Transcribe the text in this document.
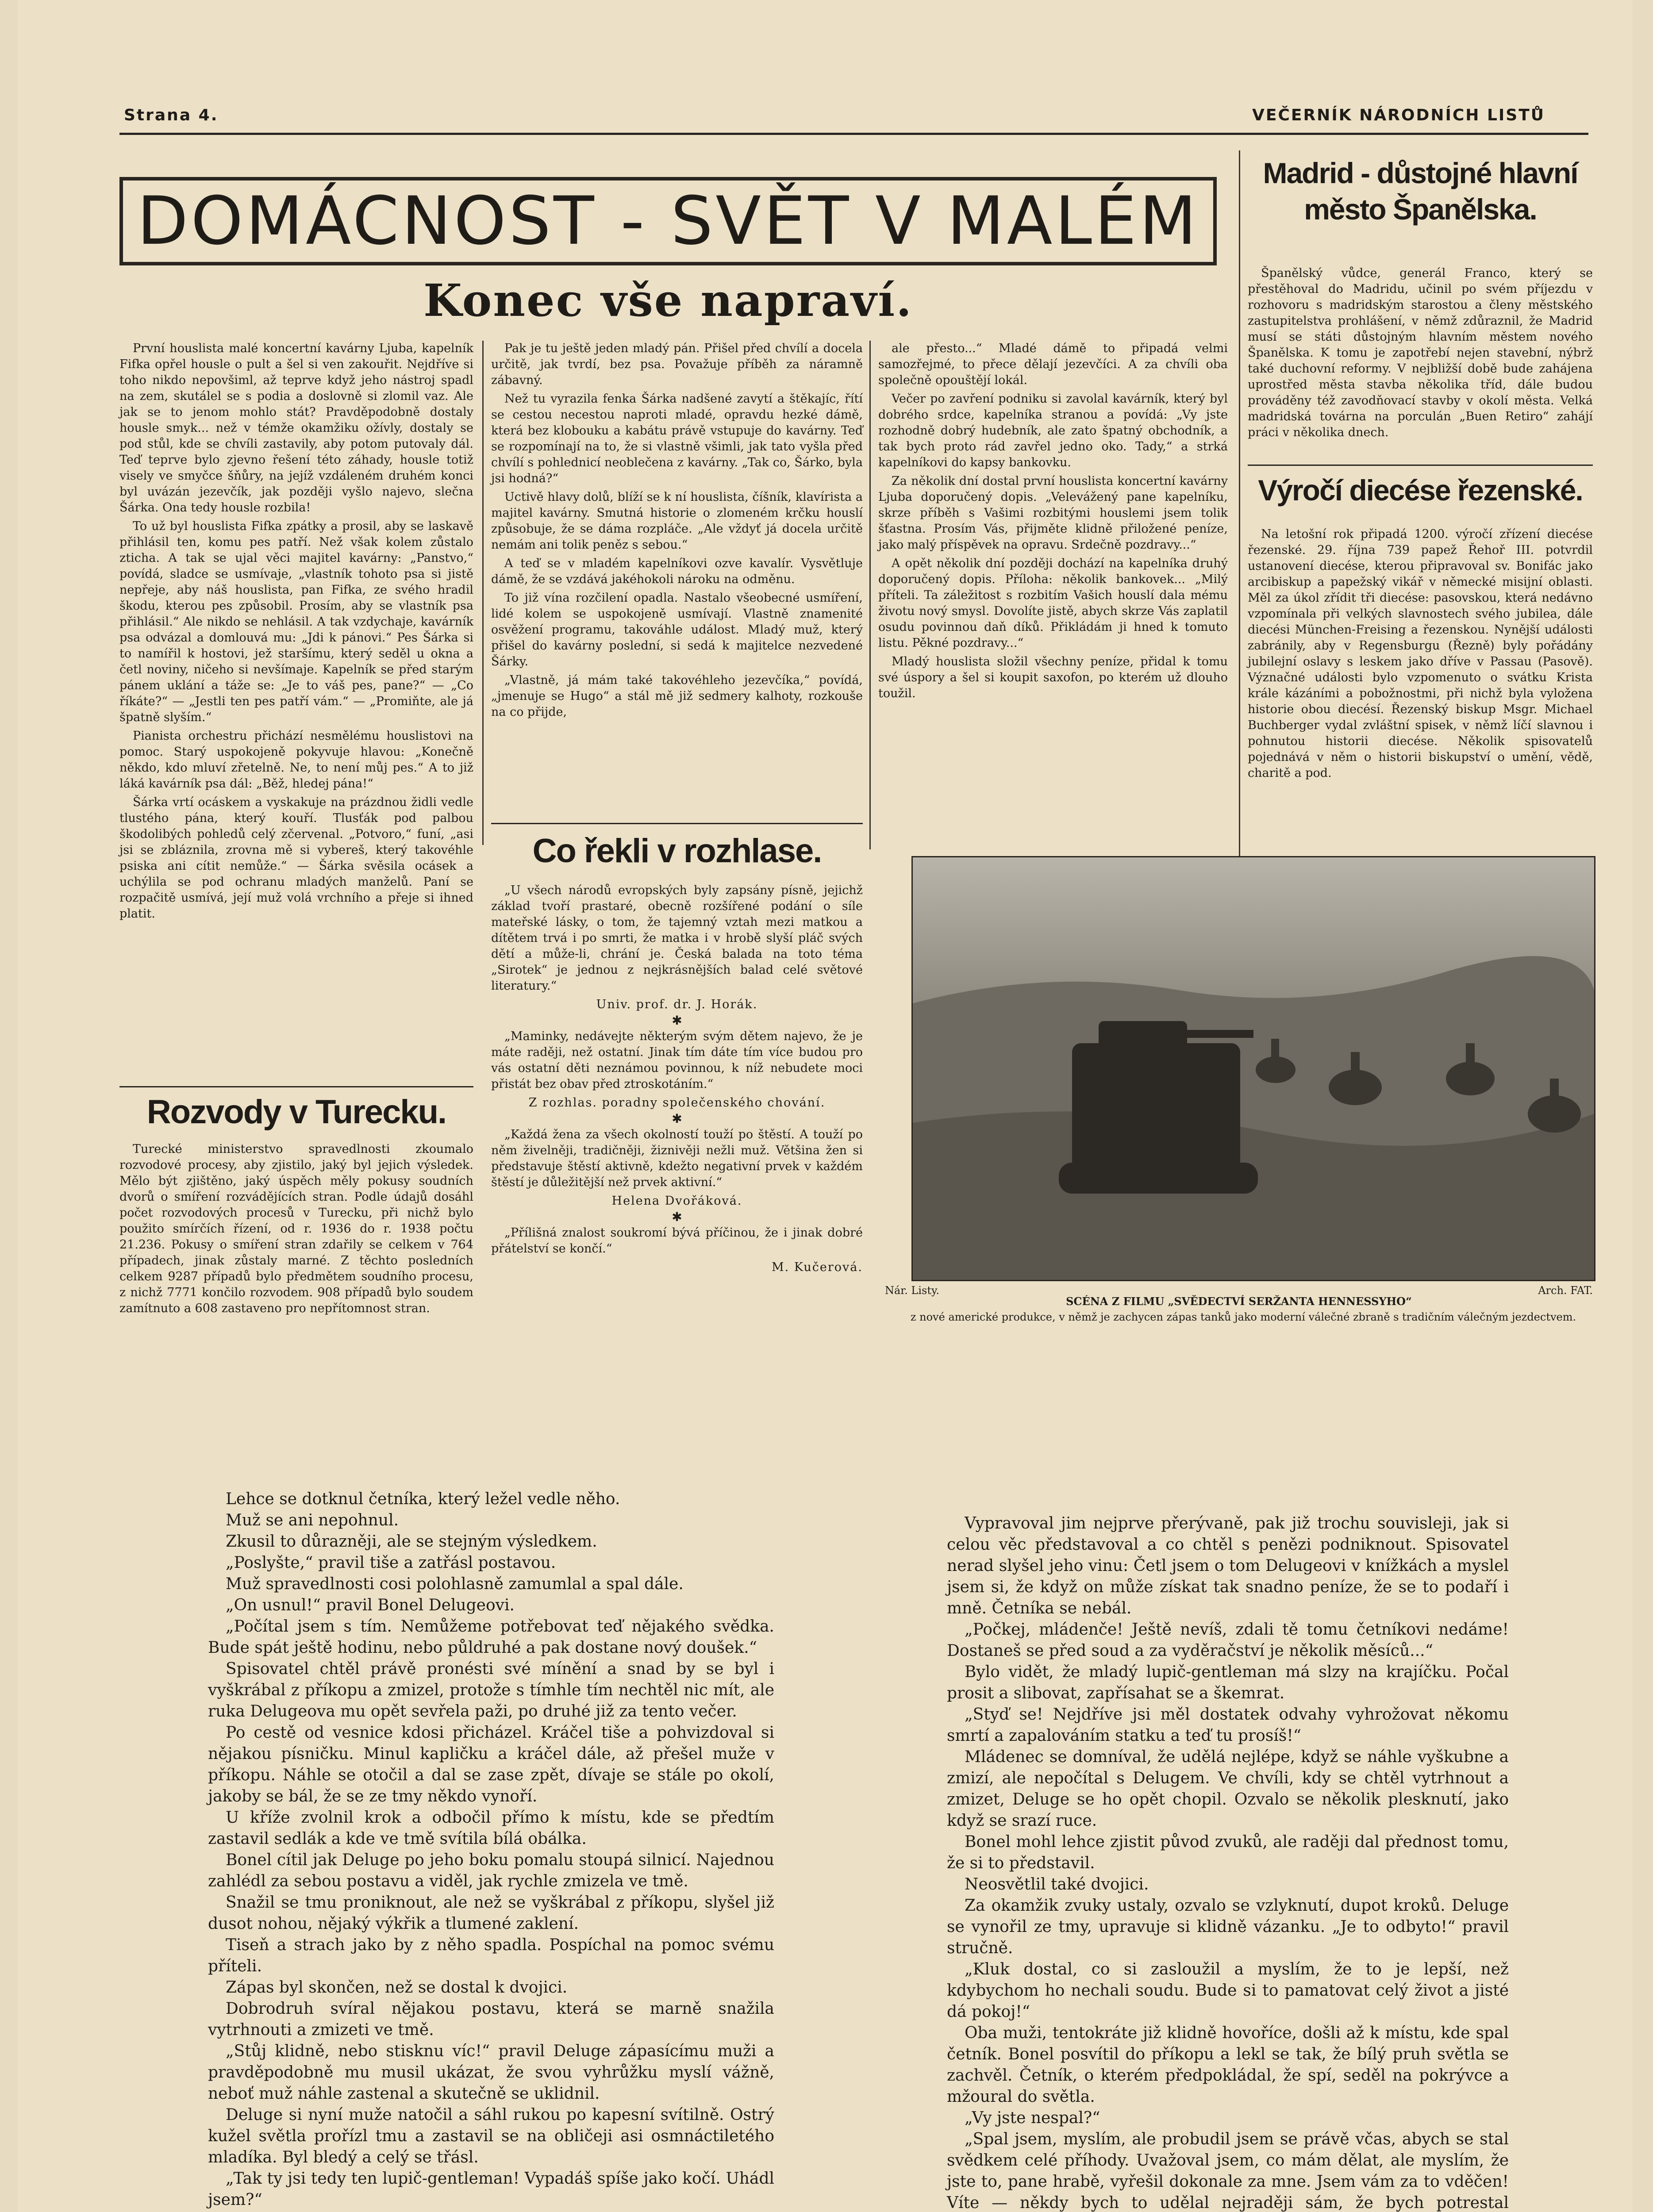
Strana 4.	VEČERNÍK NÁRODNÍCH LISTŮ
DOMÁCNOST - SVĚT V MALÉM
Konec vše napraví.

První houslista malé koncertní kavárny Ljuba, kapelník Fifka opřel housle o pult a šel si ven zakouřit. Nejdříve si toho nikdo nepovšiml, až teprve když jeho nástroj spadl na zem, skutálel se s podia a doslovně si zlomil vaz. Ale jak se to jenom mohlo stát? Pravděpodobně dostaly housle smyk... než v témže okamžiku ožívly, dostaly se pod stůl, kde se chvíli zastavily, aby potom putovaly dál. Teď teprve bylo zjevno řešení této záhady, housle totiž visely ve smyčce šňůry, na jejíž vzdáleném druhém konci byl uvázán jezevčík, jak později vyšlo najevo, slečna Šárka. Ona tedy housle rozbila!

To už byl houslista Fifka zpátky a prosil, aby se laskavě přihlásil ten, komu pes patří. Než však kolem zůstalo zticha. A tak se ujal věci majitel kavárny: „Panstvo,“ povídá, sladce se usmívaje, „vlastník tohoto psa si jistě nepřeje, aby náš houslista, pan Fifka, ze svého hradil škodu, kterou pes způsobil. Prosím, aby se vlastník psa přihlásil.“ Ale nikdo se nehlásil. A tak vzdychaje, kavárník psa odvázal a domlouvá mu: „Jdi k pánovi.“ Pes Šárka si to namířil k hostovi, jež staršímu, který seděl u okna a četl noviny, ničeho si nevšímaje. Kapelník se před starým pánem uklání a táže se: „Je to váš pes, pane?“ — „Co říkáte?“ — „Jestli ten pes patří vám.“ — „Promiňte, ale já špatně slyším.“

Pianista orchestru přichází nesmělému houslistovi na pomoc. Starý uspokojeně pokyvuje hlavou: „Konečně někdo, kdo mluví zřetelně. Ne, to není můj pes.“ A to již láká kavárník psa dál: „Běž, hledej pána!“

Šárka vrtí ocáskem a vyskakuje na prázdnou židli vedle tlustého pána, který kouří. Tlusťák pod palbou škodolibých pohledů celý zčervenal. „Potvoro,“ funí, „asi jsi se zbláznila, zrovna mě si vybereš, který takovéhle psiska ani cítit nemůže.“ — Šárka svěsila ocásek a uchýlila se pod ochranu mladých manželů. Paní se rozpačitě usmívá, její muž volá vrchního a přeje si ihned platit.

Pak je tu ještě jeden mladý pán. Přišel před chvílí a docela určitě, jak tvrdí, bez psa. Považuje příběh za náramně zábavný.

Než tu vyrazila fenka Šárka nadšené zavytí a štěkajíc, řítí se cestou necestou naproti mladé, opravdu hezké dámě, která bez klobouku a kabátu právě vstupuje do kavárny. Teď se rozpomínají na to, že si vlastně všimli, jak tato vyšla před chvílí s pohlednicí neoblečena z kavárny. „Tak co, Šárko, byla jsi hodná?“

Uctivě hlavy dolů, blíží se k ní houslista, číšník, klavírista a majitel kavárny. Smutná historie o zlomeném krčku houslí způsobuje, že se dáma rozpláče. „Ale vždyť já docela určitě nemám ani tolik peněz s sebou.“

A teď se v mladém kapelníkovi ozve kavalír. Vysvětluje dámě, že se vzdává jakéhokoli nároku na odměnu.

To již vína rozčilení opadla. Nastalo všeobecné usmíření, lidé kolem se uspokojeně usmívají. Vlastně znamenité osvěžení programu, takováhle událost. Mladý muž, který přišel do kavárny poslední, si sedá k majitelce nezvedené Šárky.

„Vlastně, já mám také takovéhleho jezevčíka,“ povídá, „jmenuje se Hugo“ a stál mě již sedmery kalhoty, rozkouše na co přijde,

ale přesto...“ Mladé dámě to připadá velmi samozřejmé, to přece dělají jezevčíci. A za chvíli oba společně opouštějí lokál.

Večer po zavření podniku si zavolal kavárník, který byl dobrého srdce, kapelníka stranou a povídá: „Vy jste rozhodně dobrý hudebník, ale zato špatný obchodník, a tak bych proto rád zavřel jedno oko. Tady,“ a strká kapelníkovi do kapsy bankovku.

Za několik dní dostal první houslista koncertní kavárny Ljuba doporučený dopis. „Velevážený pane kapelníku, skrze příběh s Vašimi rozbitými houslemi jsem tolik šťastna. Prosím Vás, přijměte klidně přiložené peníze, jako malý příspěvek na opravu. Srdečně pozdravy...“

A opět několik dní později dochází na kapelníka druhý doporučený dopis. Příloha: několik bankovek... „Milý příteli. Ta záležitost s rozbitím Vašich houslí dala mému životu nový smysl. Dovolíte jistě, abych skrze Vás zaplatil osudu povinnou daň díků. Přikládám ji hned k tomuto listu. Pěkné pozdravy...“

Mladý houslista složil všechny peníze, přidal k tomu své úspory a šel si koupit saxofon, po kterém už dlouho toužil.

Rozvody v Turecku.

Turecké ministerstvo spravedlnosti zkoumalo rozvodové procesy, aby zjistilo, jaký byl jejich výsledek. Mělo být zjištěno, jaký úspěch měly pokusy soudních dvorů o smíření rozvádějících stran. Podle údajů dosáhl počet rozvodových procesů v Turecku, při nichž bylo použito smírčích řízení, od r. 1936 do r. 1938 počtu 21.236. Pokusy o smíření stran zdařily se celkem v 764 případech, jinak zůstaly marné. Z těchto posledních celkem 9287 případů bylo předmětem soudního procesu, z nichž 7771 končilo rozvodem. 908 případů bylo soudem zamítnuto a 608 zastaveno pro nepřítomnost stran.

Co řekli v rozhlase.

„U všech národů evropských byly zapsány písně, jejichž základ tvoří prastaré, obecně rozšířené podání o síle mateřské lásky, o tom, že tajemný vztah mezi matkou a dítětem trvá i po smrti, že matka i v hrobě slyší pláč svých dětí a může-li, chrání je. Česká balada na toto téma „Sirotek“ je jednou z nejkrásnějších balad celé světové literatury.“

Univ. prof. dr. J. Horák.
✱

„Maminky, nedávejte některým svým dětem najevo, že je máte raději, než ostatní. Jinak tím dáte tím více budou pro vás ostatní děti neznámou povinnou, k níž nebudete moci přistát bez obav před ztroskotáním.“

Z rozhlas. poradny společenského chování.
✱

„Každá žena za všech okolností touží po štěstí. A touží po něm živelněji, tradičněji, žiznivěji nežli muž. Většina žen si představuje štěstí aktivně, kdežto negativní prvek v každém štěstí je důležitější než prvek aktivní.“

Helena Dvořáková.
✱

„Přílišná znalost soukromí bývá příčinou, že i jinak dobré přátelství se končí.“

M. Kučerová.
Madrid - důstojné hlavní
město Španělska.

Španělský vůdce, generál Franco, který se přestěhoval do Madridu, učinil po svém příjezdu v rozhovoru s madridským starostou a členy městského zastupitelstva prohlášení, v němž zdůraznil, že Madrid musí se státi důstojným hlavním městem nového Španělska. K tomu je zapotřebí nejen stavební, nýbrž také duchovní reformy. V nejbližší době bude zahájena uprostřed města stavba několika tříd, dále budou prováděny též zavodňovací stavby v okolí města. Velká madridská továrna na porculán „Buen Retiro“ zahájí práci v několika dnech.

Výročí diecése řezenské.

Na letošní rok připadá 1200. výročí zřízení diecése řezenské. 29. října 739 papež Řehoř III. potvrdil ustanovení diecése, kterou připravoval sv. Bonifác jako arcibiskup a papežský vikář v německé misijní oblasti. Měl za úkol zřídit tři diecése: pasovskou, která nedávno vzpomínala při velkých slavnostech svého jubilea, dále diecési München-Freising a řezenskou. Nynější události zabránily, aby v Regensburgu (Řezně) byly pořádány jubilejní oslavy s leskem jako dříve v Passau (Pasově). Význačné události bylo vzpomenuto o svátku Krista krále kázáními a pobožnostmi, při nichž byla vyložena historie obou diecésí. Řezenský biskup Msgr. Michael Buchberger vydal zvláštní spisek, v němž líčí slavnou i pohnutou historii diecése. Několik spisovatelů pojednává v něm o historii biskupství o umění, vědě, charitě a pod.

Nár. Listy.	Arch. FAT.
SCÉNA Z FILMU „SVĚDECTVÍ SERŽANTA HENNESSYHO“
z nové americké produkce, v němž je zachycen zápas tanků jako moderní válečné zbraně s tradičním válečným jezdectvem.

Lehce se dotknul četníka, který ležel vedle něho.

Muž se ani nepohnul.

Zkusil to důrazněji, ale se stejným výsledkem.

„Poslyšte,“ pravil tiše a zatřásl postavou.

Muž spravedlnosti cosi polohlasně zamumlal a spal dále.

„On usnul!“ pravil Bonel Delugeovi.

„Počítal jsem s tím. Nemůžeme potřebovat teď nějakého svědka. Bude spát ještě hodinu, nebo půldruhé a pak dostane nový doušek.“

Spisovatel chtěl právě pronésti své mínění a snad by se byl i vyškrábal z příkopu a zmizel, protože s tímhle tím nechtěl nic mít, ale ruka Delugeova mu opět sevřela paži, po druhé již za tento večer.

Po cestě od vesnice kdosi přicházel. Kráčel tiše a pohvizdoval si nějakou písničku. Minul kapličku a kráčel dále, až přešel muže v příkopu. Náhle se otočil a dal se zase zpět, dívaje se stále po okolí, jakoby se bál, že se ze tmy někdo vynoří.

U kříže zvolnil krok a odbočil přímo k místu, kde se předtím zastavil sedlák a kde ve tmě svítila bílá obálka.

Bonel cítil jak Deluge po jeho boku pomalu stoupá silnicí. Najednou zahlédl za sebou postavu a viděl, jak rychle zmizela ve tmě.

Snažil se tmu proniknout, ale než se vyškrábal z příkopu, slyšel již dusot nohou, nějaký výkřik a tlumené zaklení.

Tiseň a strach jako by z něho spadla. Pospíchal na pomoc svému příteli.

Zápas byl skončen, než se dostal k dvojici.

Dobrodruh svíral nějakou postavu, která se marně snažila vytrhnouti a zmizeti ve tmě.

„Stůj klidně, nebo stisknu víc!“ pravil Deluge zápasícímu muži a pravděpodobně mu musil ukázat, že svou vyhrůžku myslí vážně, neboť muž náhle zastenal a skutečně se uklidnil.

Deluge si nyní muže natočil a sáhl rukou po kapesní svítilně. Ostrý kužel světla prořízl tmu a zastavil se na obličeji asi osmnáctiletého mladíka. Byl bledý a celý se třásl.

„Tak ty jsi tedy ten lupič-gentleman! Vypadáš spíše jako kočí. Uhádl jsem?“

Vypravoval jim nejprve přerývaně, pak již trochu souvisleji, jak si celou věc představoval a co chtěl s penězi podniknout. Spisovatel nerad slyšel jeho vinu: Četl jsem o tom Delugeovi v knížkách a myslel jsem si, že když on může získat tak snadno peníze, že se to podaří i mně. Četníka se nebál.

„Počkej, mládenče! Ještě nevíš, zdali tě tomu četníkovi nedáme! Dostaneš se před soud a za vyděračství je několik měsíců...“

Bylo vidět, že mladý lupič-gentleman má slzy na krajíčku. Počal prosit a slibovat, zapřísahat se a škemrat.

„Styď se! Nejdříve jsi měl dostatek odvahy vyhrožovat někomu smrtí a zapalováním statku a teď tu prosíš!“

Mládenec se domníval, že udělá nejlépe, když se náhle vyškubne a zmizí, ale nepočítal s Delugem. Ve chvíli, kdy se chtěl vytrhnout a zmizet, Deluge se ho opět chopil. Ozvalo se několik plesknutí, jako když se srazí ruce.

Bonel mohl lehce zjistit původ zvuků, ale raději dal přednost tomu, že si to představil.

Neosvětlil také dvojici.

Za okamžik zvuky ustaly, ozvalo se vzlyknutí, dupot kroků. Deluge se vynořil ze tmy, upravuje si klidně vázanku. „Je to odbyto!“ pravil stručně.

„Kluk dostal, co si zasloužil a myslím, že to je lepší, než kdybychom ho nechali soudu. Bude si to pamatovat celý život a jisté dá pokoj!“

Oba muži, tentokráte již klidně hovoříce, došli až k místu, kde spal četník. Bonel posvítil do příkopu a lekl se tak, že bílý pruh světla se zachvěl. Četník, o kterém předpokládal, že spí, seděl na pokrývce a mžoural do světla.

„Vy jste nespal?“

„Spal jsem, myslím, ale probudil jsem se právě včas, abych se stal svědkem celé příhody. Uvažoval jsem, co mám dělat, ale myslím, že jste to, pane hrabě, vyřešil dokonale za mne. Jsem vám za to vděčen! Víte — někdy bych to udělal nejraději sám, že bych potrestal
